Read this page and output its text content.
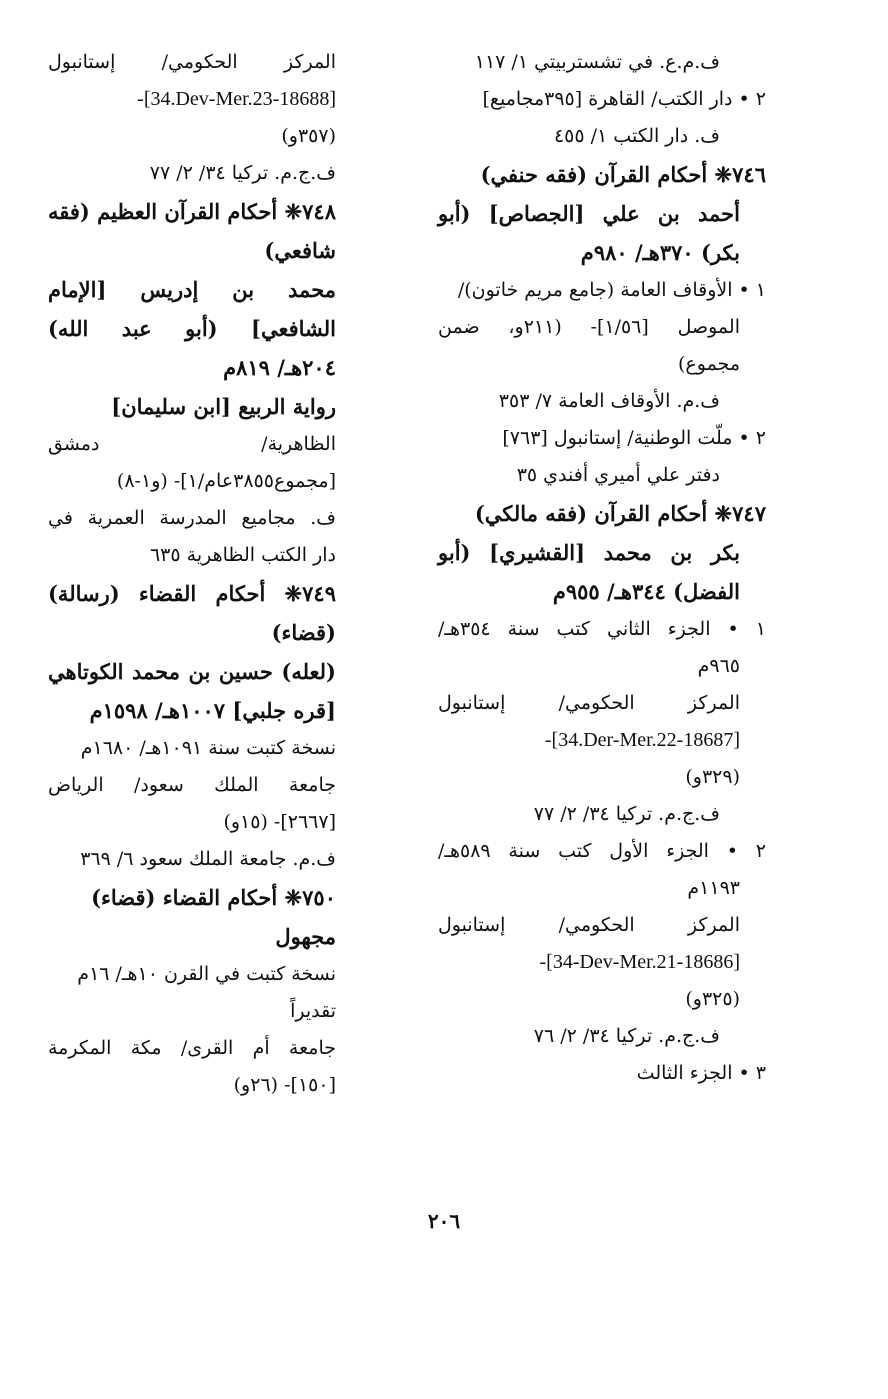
ف.م.ع. في تشستربيتي ١/ ١١٧
٢ • دار الكتب/ القاهرة [٣٩٥مجاميع]
ف. دار الكتب ١/ ٤٥٥
٧٤٦❈ أحكام القرآن (فقه حنفي)
أحمد بن علي [الجصاص] (أبو
بكر) ٣٧٠هـ/ ٩٨٠م
١ • الأوقاف العامة (جامع مريم خاتون)/
الموصل [١/٥٦]- (٢١١و، ضمن
مجموع)
ف.م. الأوقاف العامة ٧/ ٣٥٣
٢ • ملّت الوطنية/ إستانبول [٧٦٣]
دفتر علي أميري أفندي ٣٥
٧٤٧❈ أحكام القرآن (فقه مالكي)
بكر بن محمد [القشيري] (أبو
الفضل) ٣٤٤هـ/ ٩٥٥م
١ • الجزء الثاني كتب سنة ٣٥٤هـ/
٩٦٥م
المركز الحكومي/ إستانبول
-[34.Der-Mer.22-18687]
(٣٢٩و)
ف.ج.م. تركيا ٣٤/ ٢/ ٧٧
٢ • الجزء الأول كتب سنة ٥٨٩هـ/
١١٩٣م
المركز الحكومي/ إستانبول
-[34-Dev-Mer.21-18686]
(٣٢٥و)
ف.ج.م. تركيا ٣٤/ ٢/ ٧٦
٣ • الجزء الثالث
المركز الحكومي/ إستانبول
-[34.Dev-Mer.23-18688]
(٣٥٧و)
ف.ج.م. تركيا ٣٤/ ٢/ ٧٧
٧٤٨❈ أحكام القرآن العظيم (فقه
شافعي)
محمد بن إدريس [الإمام
الشافعي] (أبو عبد الله)
٢٠٤هـ/ ٨١٩م
رواية الربيع [ابن سليمان]
الظاهرية/ دمشق
[مجموع٣٨٥٥عام/١]- (و١-٨)
ف. مجاميع المدرسة العمرية في
دار الكتب الظاهرية ٦٣٥
٧٤٩❈ أحكام القضاء (رسالة)
(قضاء)
(لعله) حسين بن محمد الكوتاهي
[قره جلبي] ١٠٠٧هـ/ ١٥٩٨م
نسخة كتبت سنة ١٠٩١هـ/ ١٦٨٠م
جامعة الملك سعود/ الرياض
[٢٦٦٧]- (١٥و)
ف.م. جامعة الملك سعود ٦/ ٣٦٩
٧٥٠❈ أحكام القضاء (قضاء)
مجهول
نسخة كتبت في القرن ١٠هـ/ ١٦م
تقديراً
جامعة أم القرى/ مكة المكرمة
[١٥٠]- (٢٦و)
٢٠٦
